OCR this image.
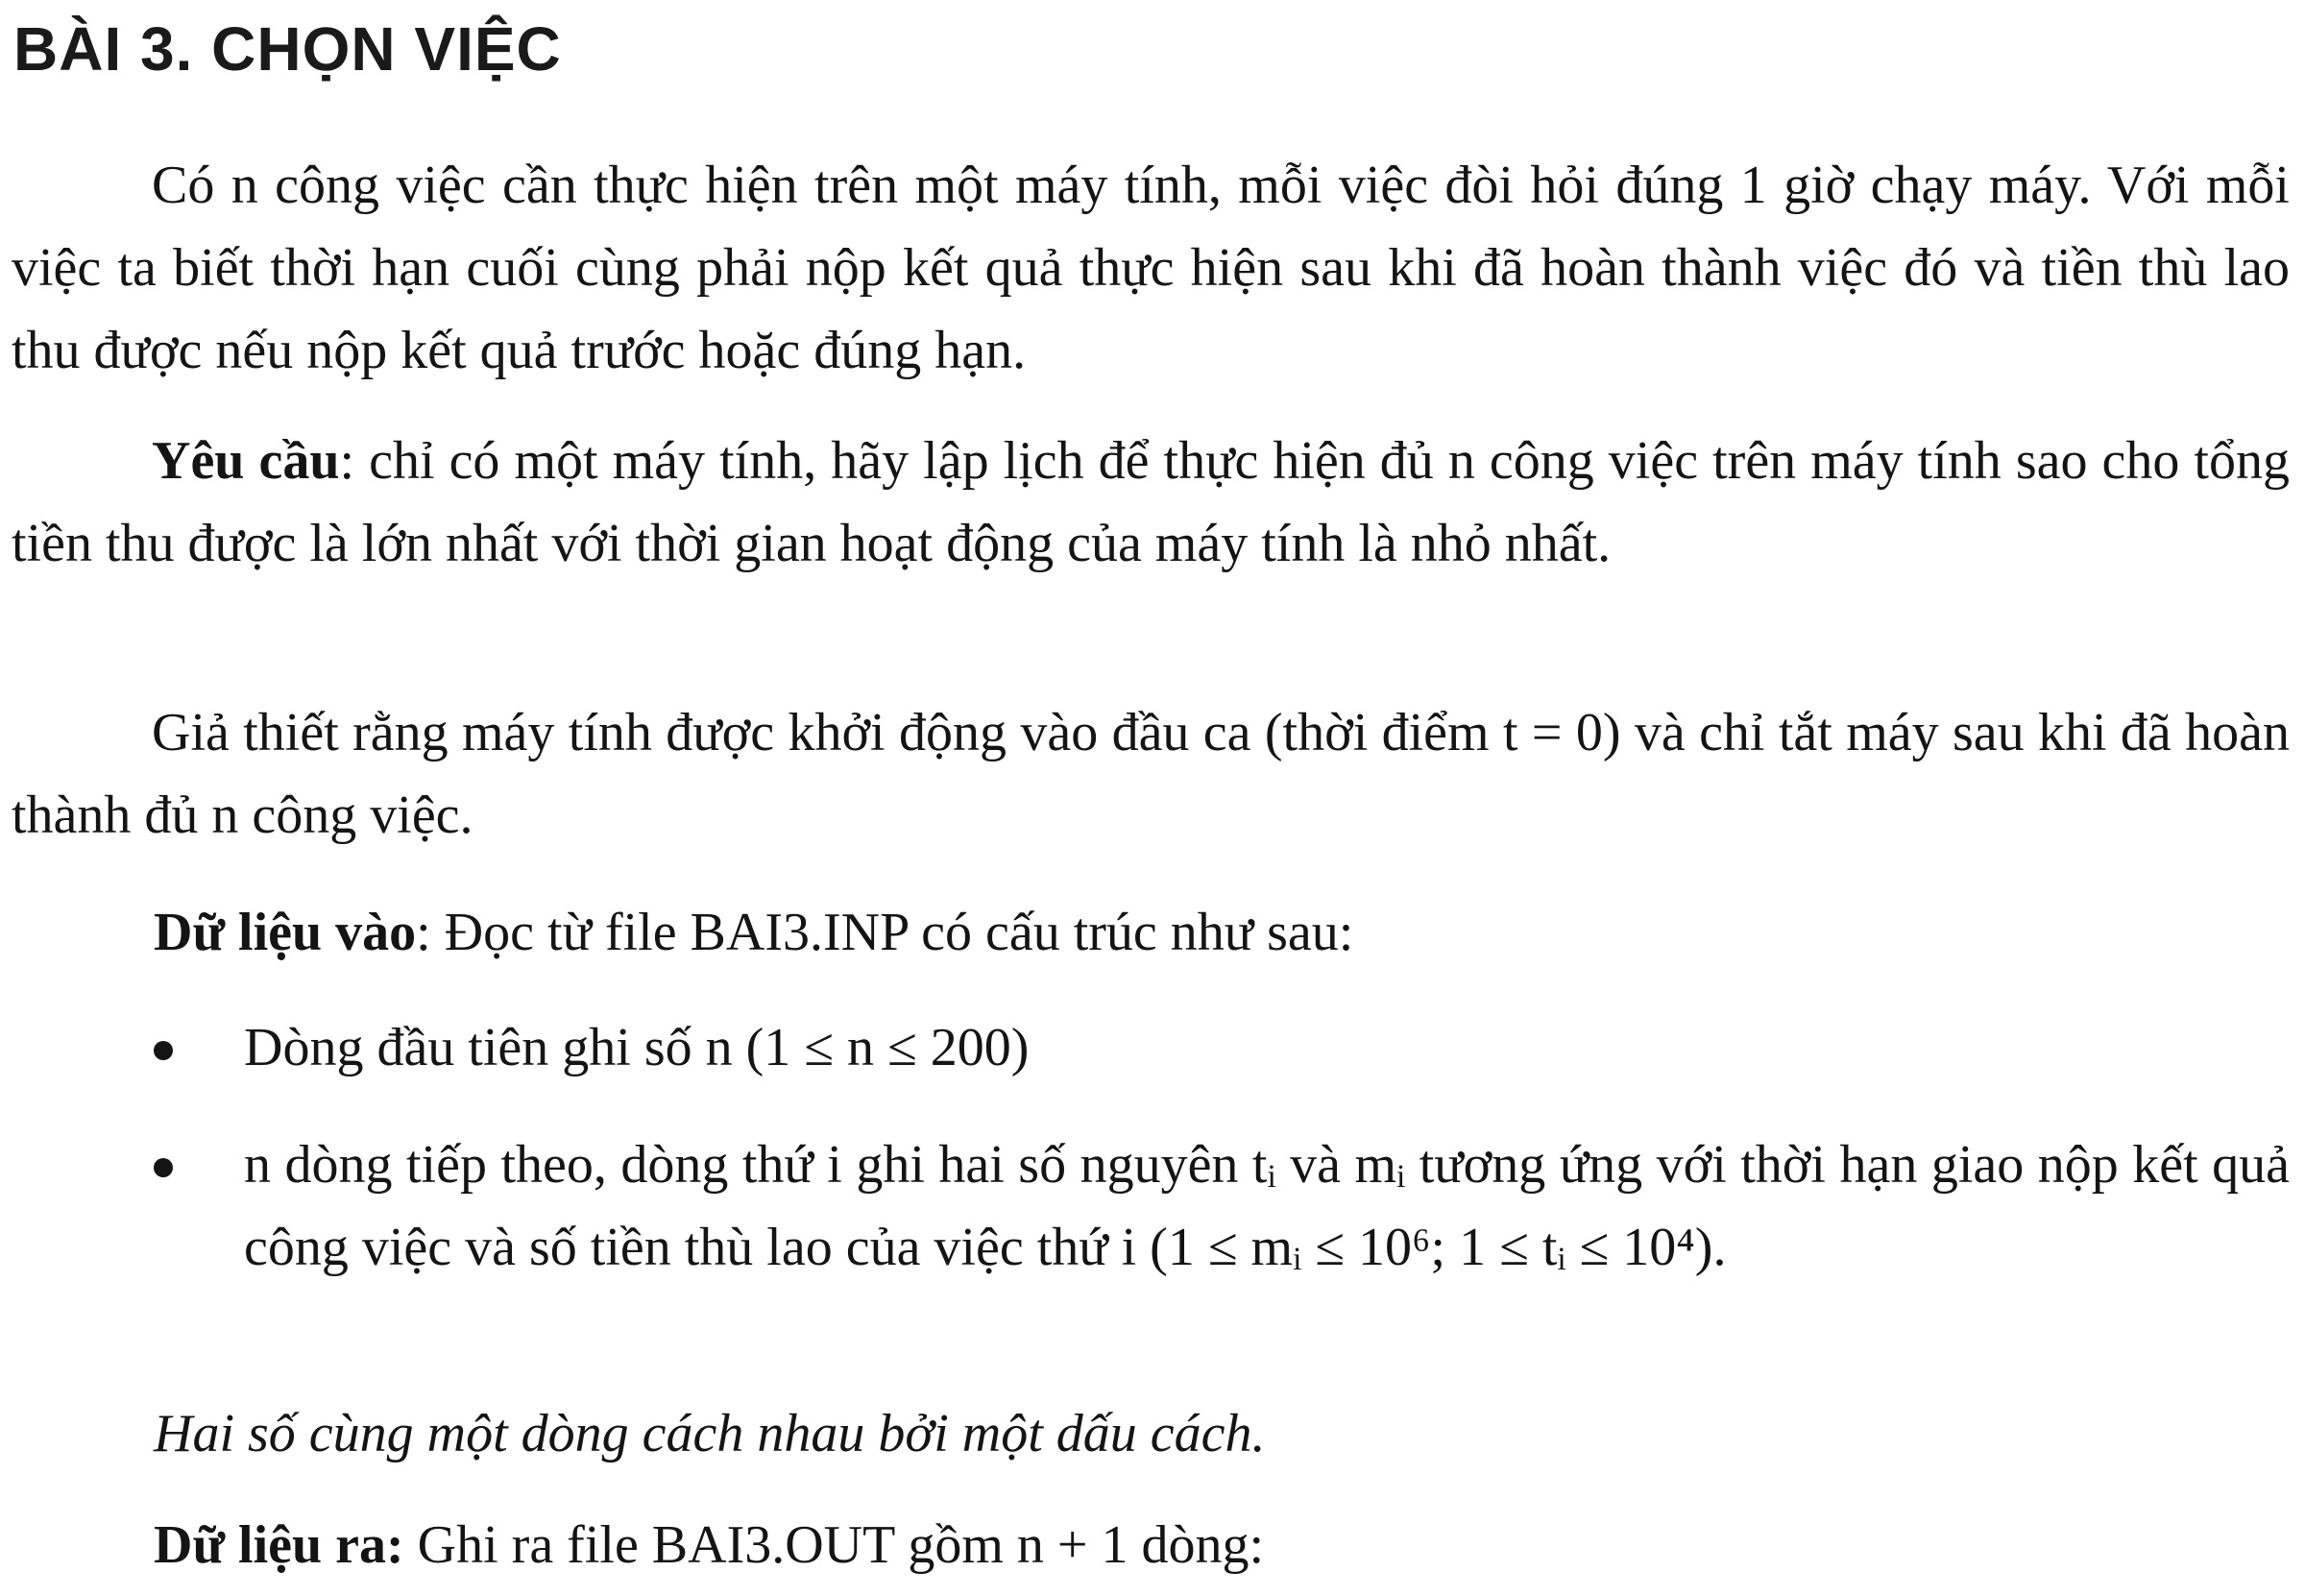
BÀI 3. CHỌN VIỆC

Có n công việc cần thực hiện trên một máy tính, mỗi việc đòi hỏi đúng 1 giờ chạy máy. Với mỗi việc ta biết thời hạn cuối cùng phải nộp kết quả thực hiện sau khi đã hoàn thành việc đó và tiền thù lao thu được nếu nộp kết quả trước hoặc đúng hạn.

Yêu cầu: chỉ có một máy tính, hãy lập lịch để thực hiện đủ n công việc trên máy tính sao cho tổng tiền thu được là lớn nhất với thời gian hoạt động của máy tính là nhỏ nhất.

Giả thiết rằng máy tính được khởi động vào đầu ca (thời điểm t = 0) và chỉ tắt máy sau khi đã hoàn thành đủ n công việc.

Dữ liệu vào: Đọc từ file BAI3.INP có cấu trúc như sau:

Dòng đầu tiên ghi số n (1 ≤ n ≤ 200)
n dòng tiếp theo, dòng thứ i ghi hai số nguyên tᵢ và mᵢ tương ứng với thời hạn giao nộp kết quả công việc và số tiền thù lao của việc thứ i (1 ≤ mᵢ ≤ 10⁶; 1 ≤ tᵢ ≤ 10⁴).
Hai số cùng một dòng cách nhau bởi một dấu cách.
Dữ liệu ra: Ghi ra file BAI3.OUT gồm n + 1 dòng:
